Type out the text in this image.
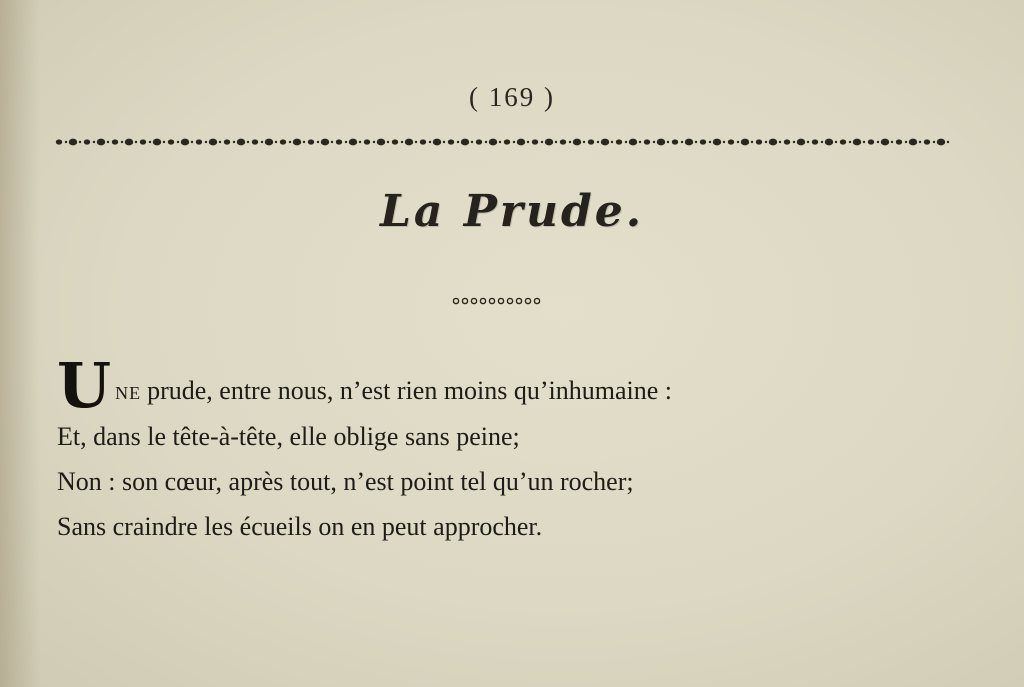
( 169 )
La Prude.
Une prude, entre nous, n’est rien moins qu’inhumaine :
Et, dans le tête-à-tête, elle oblige sans peine;
Non : son cœur, après tout, n’est point tel qu’un rocher;
Sans craindre les écueils on en peut approcher.
